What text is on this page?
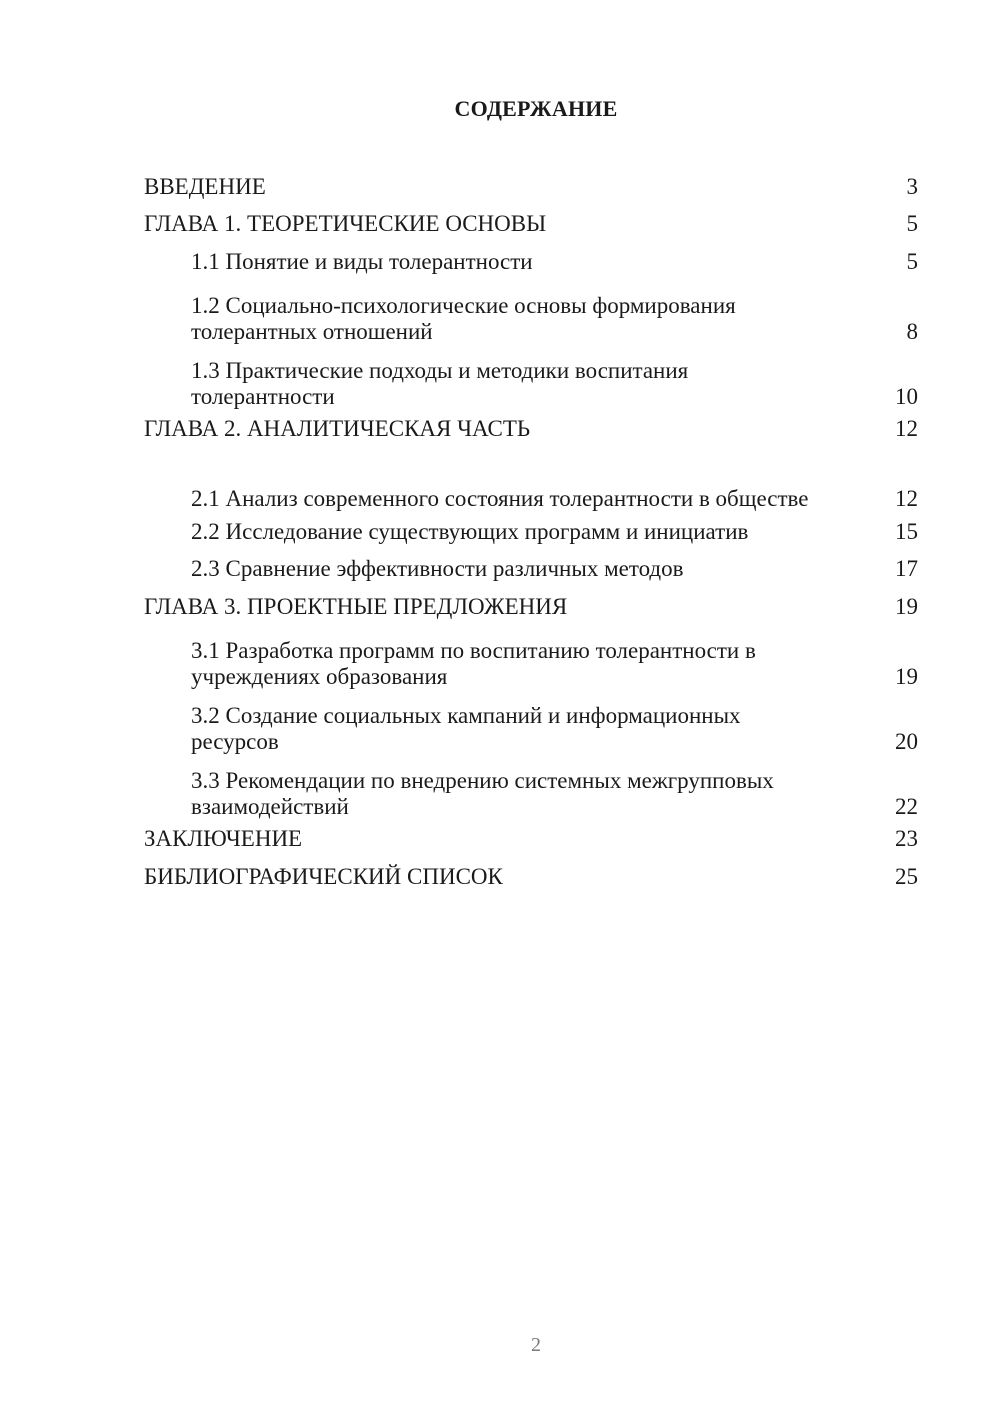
СОДЕРЖАНИЕ
ВВЕДЕНИЕ	3
ГЛАВА 1. ТЕОРЕТИЧЕСКИЕ ОСНОВЫ	5
1.1 Понятие и виды толерантности	5
1.2 Социально-психологические основы формирования толерантных отношений	8
1.3 Практические подходы и методики воспитания толерантности	10
ГЛАВА 2. АНАЛИТИЧЕСКАЯ ЧАСТЬ	12
2.1 Анализ современного состояния толерантности в обществе	12
2.2 Исследование существующих программ и инициатив	15
2.3 Сравнение эффективности различных методов	17
ГЛАВА 3. ПРОЕКТНЫЕ ПРЕДЛОЖЕНИЯ	19
3.1 Разработка программ по воспитанию толерантности в учреждениях образования	19
3.2 Создание социальных кампаний и информационных ресурсов	20
3.3 Рекомендации по внедрению системных межгрупповых взаимодействий	22
ЗАКЛЮЧЕНИЕ	23
БИБЛИОГРАФИЧЕСКИЙ СПИСОК	25
2
